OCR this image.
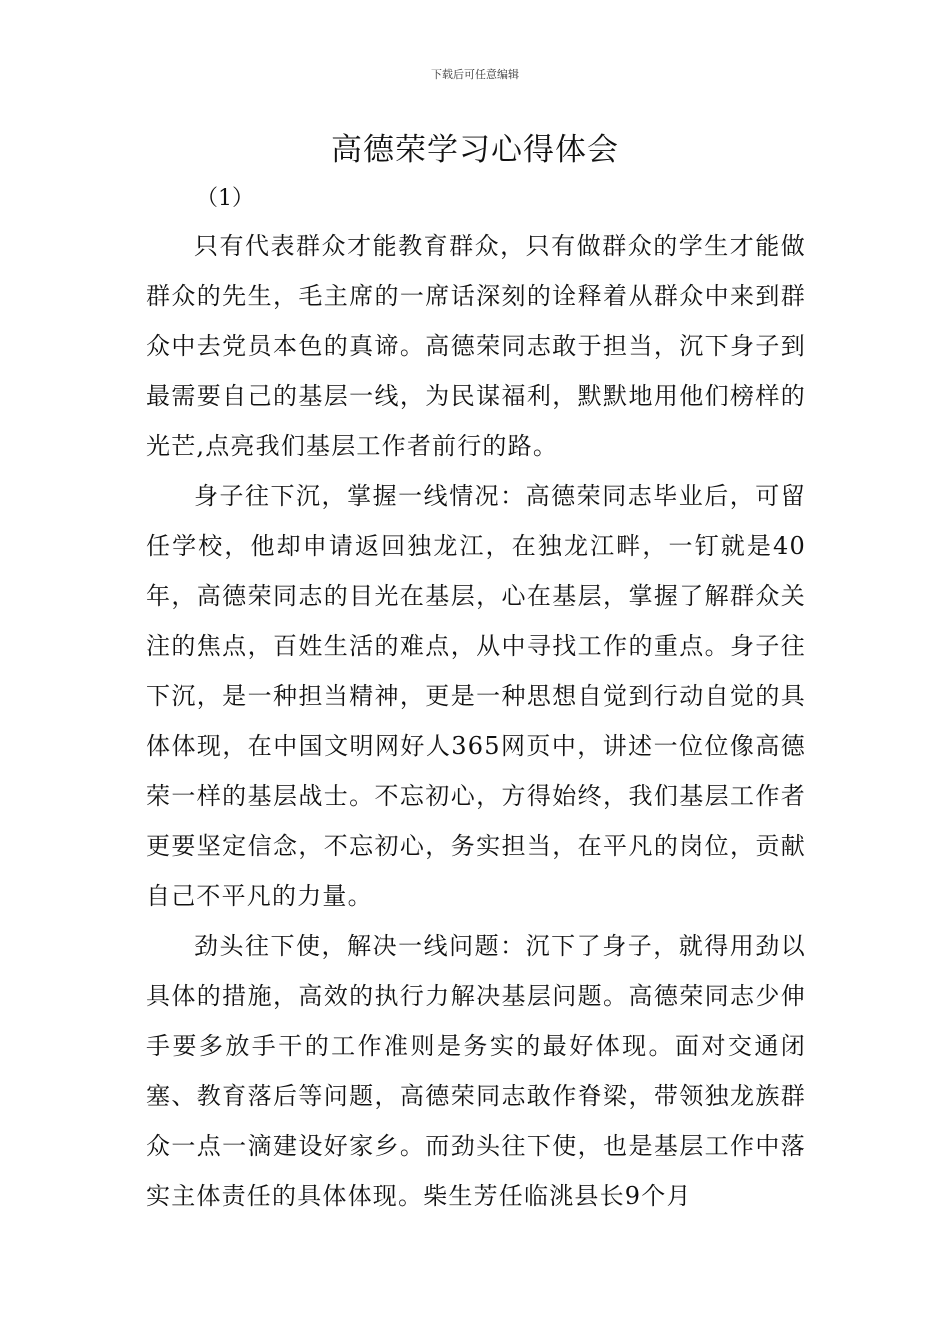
下载后可任意编辑
高德荣学习心得体会
（1）

只有代表群众才能教育群众，只有做群众的学生才能做群众的先生，毛主席的一席话深刻的诠释着从群众中来到群众中去党员本色的真谛。高德荣同志敢于担当，沉下身子到最需要自己的基层一线，为民谋福利，默默地用他们榜样的光芒,点亮我们基层工作者前行的路。

身子往下沉，掌握一线情况：高德荣同志毕业后，可留任学校，他却申请返回独龙江，在独龙江畔，一钉就是40年，高德荣同志的目光在基层，心在基层，掌握了解群众关注的焦点，百姓生活的难点，从中寻找工作的重点。身子往下沉，是一种担当精神，更是一种思想自觉到行动自觉的具体体现，在中国文明网好人365网页中，讲述一位位像高德荣一样的基层战士。不忘初心，方得始终，我们基层工作者更要坚定信念，不忘初心，务实担当，在平凡的岗位，贡献自己不平凡的力量。

劲头往下使，解决一线问题：沉下了身子，就得用劲以具体的措施，高效的执行力解决基层问题。高德荣同志少伸手要多放手干的工作准则是务实的最好体现。面对交通闭塞、教育落后等问题，高德荣同志敢作脊梁，带领独龙族群众一点一滴建设好家乡。而劲头往下使，也是基层工作中落实主体责任的具体体现。柴生芳任临洮县长9个月
